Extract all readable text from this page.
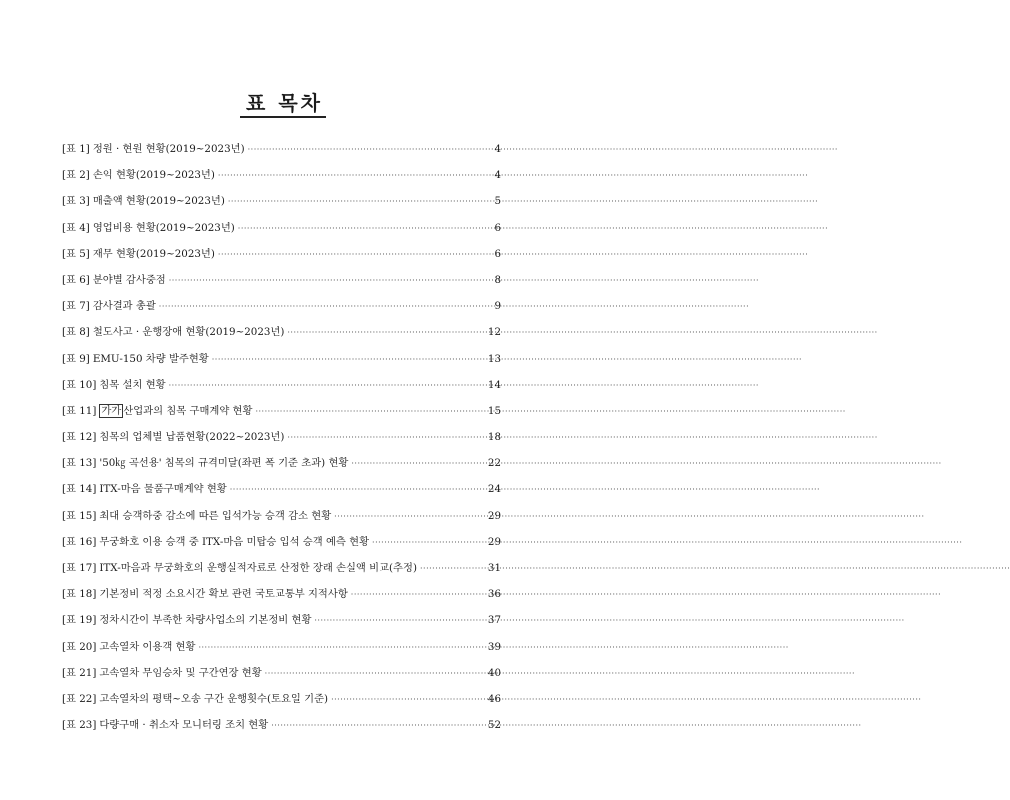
표 목차
[표 1] 정원 · 현원 현황(2019~2023년) ·····	4
[표 2] 손익 현황(2019~2023년) ·····	4
[표 3] 매출액 현황(2019~2023년) ·····	5
[표 4] 영업비용 현황(2019~2023년) ·····	6
[표 5] 재무 현황(2019~2023년) ·····	6
[표 6] 분야별 감사중점 ·····	8
[표 7] 감사결과 총괄 ·····	9
[표 8] 철도사고 · 운행장애 현황(2019~2023년) ·····	12
[표 9] EMU-150 차량 발주현황 ·····	13
[표 10] 침목 설치 현황 ·····	14
[표 11] 가가 산업과의 침목 구매계약 현황 ·····	15
[표 12] 침목의 업체별 납품현황(2022~2023년) ·····	18
[표 13] '50㎏ 곡선용' 침목의 규격미달(좌편 폭 기준 초과) 현황 ·····	22
[표 14] ITX-마음 물품구매계약 현황 ·····	24
[표 15] 최대 승객하중 감소에 따른 입석가능 승객 감소 현황 ·····	29
[표 16] 무궁화호 이용 승객 중 ITX-마음 미탑승 입석 승객 예측 현황 ·····	29
[표 17] ITX-마음과 무궁화호의 운행실적자료로 산정한 장래 손실액 비교(추정) ·····	31
[표 18] 기본정비 적정 소요시간 확보 관련 국토교통부 지적사항 ·····	36
[표 19] 정차시간이 부족한 차량사업소의 기본정비 현황 ·····	37
[표 20] 고속열차 이용객 현황 ·····	39
[표 21] 고속열차 무임승차 및 구간연장 현황 ·····	40
[표 22] 고속열차의 평택~오송 구간 운행횟수(토요일 기준) ·····	46
[표 23] 다량구매 · 취소자 모니터링 조치 현황 ·····	52
